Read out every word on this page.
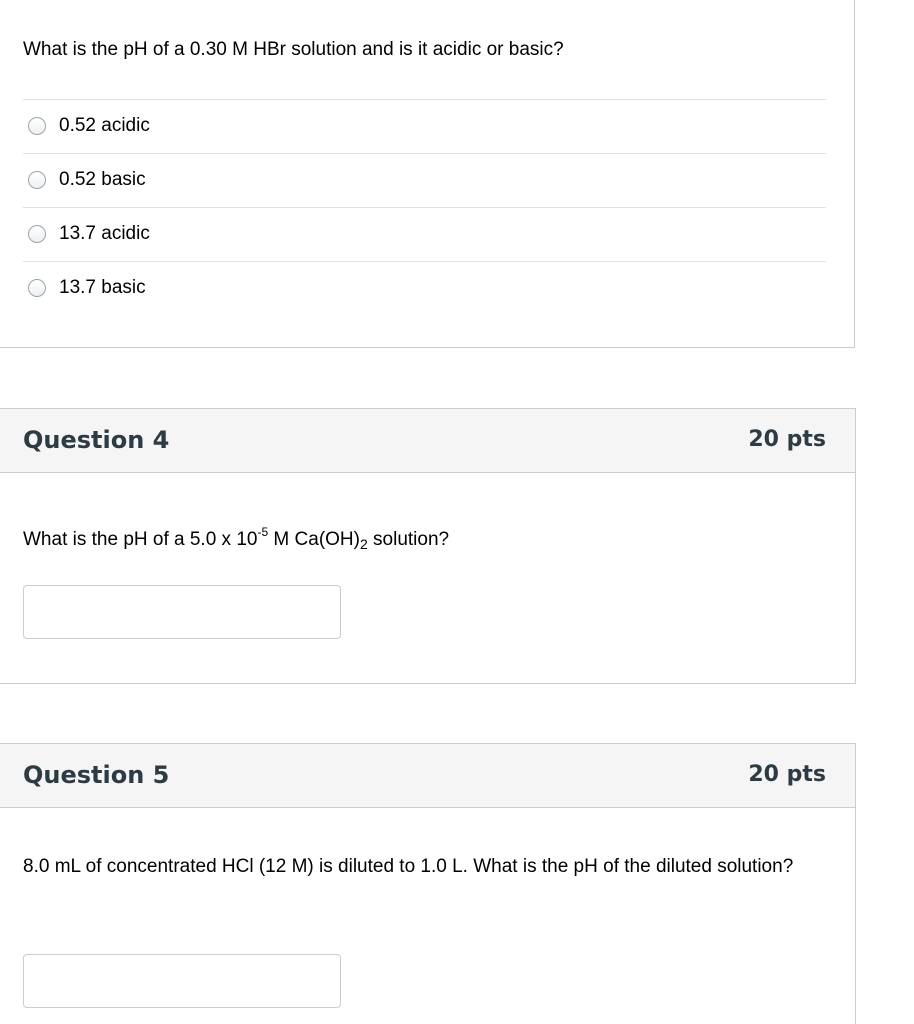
What is the pH of a 0.30 M HBr solution and is it acidic or basic?
0.52 acidic
0.52 basic
13.7 acidic
13.7 basic
Question 4	20 pts
What is the pH of a 5.0 x $10^{-5}$ M $Ca(OH)_2$ solution?
Question 5	20 pts
8.0 mL of concentrated HCl (12 M) is diluted to 1.0 L. What is the pH of the diluted solution?
